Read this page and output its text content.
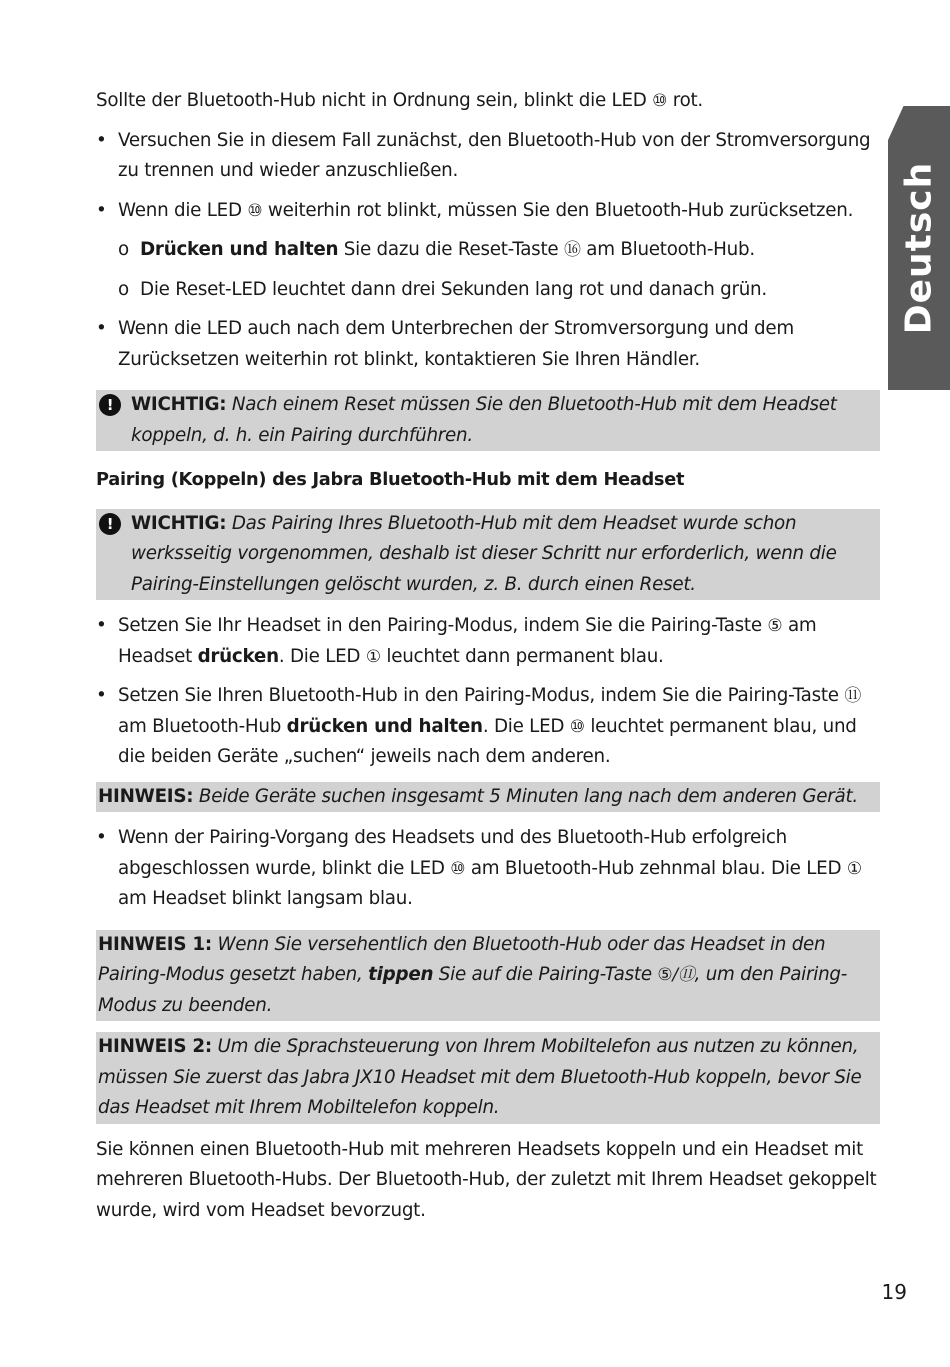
Deutsch

Sollte der Bluetooth-Hub nicht in Ordnung sein, blinkt die LED ⑩ rot.

• Versuchen Sie in diesem Fall zunächst, den Bluetooth-Hub von der Stromversorgung zu trennen und wieder anzuschließen.
• Wenn die LED ⑩ weiterhin rot blinkt, müssen Sie den Bluetooth-Hub zurücksetzen.
o Drücken und halten Sie dazu die Reset-Taste ⑯ am Bluetooth-Hub.
o Die Reset-LED leuchtet dann drei Sekunden lang rot und danach grün.
• Wenn die LED auch nach dem Unterbrechen der Stromversorgung und dem Zurücksetzen weiterhin rot blinkt, kontaktieren Sie Ihren Händler.
! WICHTIG: Nach einem Reset müssen Sie den Bluetooth-Hub mit dem Headset koppeln, d. h. ein Pairing durchführen.

Pairing (Koppeln) des Jabra Bluetooth-Hub mit dem Headset

! WICHTIG: Das Pairing Ihres Bluetooth-Hub mit dem Headset wurde schon werksseitig vorgenommen, deshalb ist dieser Schritt nur erforderlich, wenn die Pairing-Einstellungen gelöscht wurden, z. B. durch einen Reset.
• Setzen Sie Ihr Headset in den Pairing-Modus, indem Sie die Pairing-Taste ⑤ am Headset drücken. Die LED ① leuchtet dann permanent blau.
• Setzen Sie Ihren Bluetooth-Hub in den Pairing-Modus, indem Sie die Pairing-Taste ⑪ am Bluetooth-Hub drücken und halten. Die LED ⑩ leuchtet permanent blau, und die beiden Geräte „suchen“ jeweils nach dem anderen.
HINWEIS: Beide Geräte suchen insgesamt 5 Minuten lang nach dem anderen Gerät.
• Wenn der Pairing-Vorgang des Headsets und des Bluetooth-Hub erfolgreich abgeschlossen wurde, blinkt die LED ⑩ am Bluetooth-Hub zehnmal blau. Die LED ① am Headset blinkt langsam blau.
HINWEIS 1: Wenn Sie versehentlich den Bluetooth-Hub oder das Headset in den Pairing-Modus gesetzt haben, tippen Sie auf die Pairing-Taste ⑤/⑪, um den Pairing-Modus zu beenden.
HINWEIS 2: Um die Sprachsteuerung von Ihrem Mobiltelefon aus nutzen zu können, müssen Sie zuerst das Jabra JX10 Headset mit dem Bluetooth-Hub koppeln, bevor Sie das Headset mit Ihrem Mobiltelefon koppeln.

Sie können einen Bluetooth-Hub mit mehreren Headsets koppeln und ein Headset mit mehreren Bluetooth-Hubs. Der Bluetooth-Hub, der zuletzt mit Ihrem Headset gekoppelt wurde, wird vom Headset bevorzugt.

19
